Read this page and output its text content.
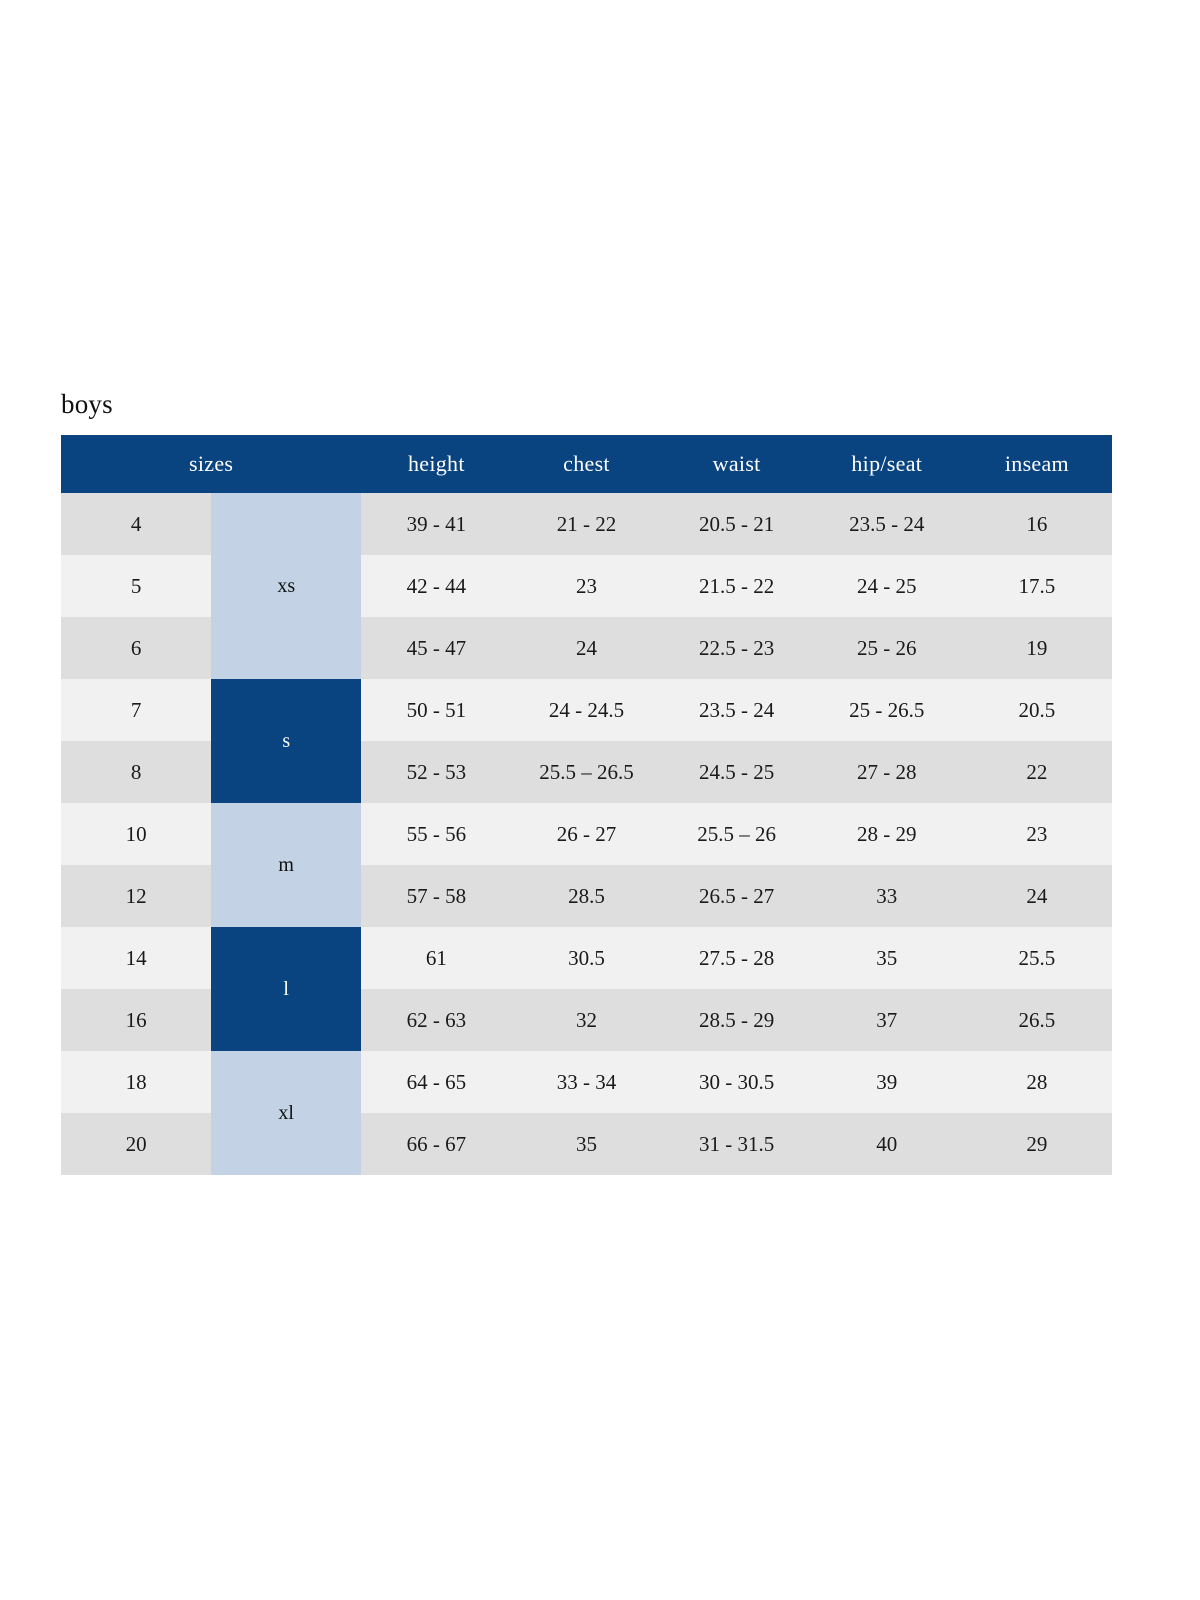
boys
sizes		height	chest	waist	hip/seat	inseam
4	xs	39 - 41	21 - 22	20.5 - 21	23.5 - 24	16
5		42 - 44	23	21.5 - 22	24 - 25	17.5
6		45 - 47	24	22.5 - 23	25 - 26	19
7	s	50 - 51	24 - 24.5	23.5 - 24	25 - 26.5	20.5
8		52 - 53	25.5 – 26.5	24.5 - 25	27 - 28	22
10	m	55 - 56	26 - 27	25.5 – 26	28 - 29	23
12		57 - 58	28.5	26.5 - 27	33	24
14	l	61	30.5	27.5 - 28	35	25.5
16		62 - 63	32	28.5 - 29	37	26.5
18	xl	64 - 65	33 - 34	30 - 30.5	39	28
20		66 - 67	35	31 - 31.5	40	29
